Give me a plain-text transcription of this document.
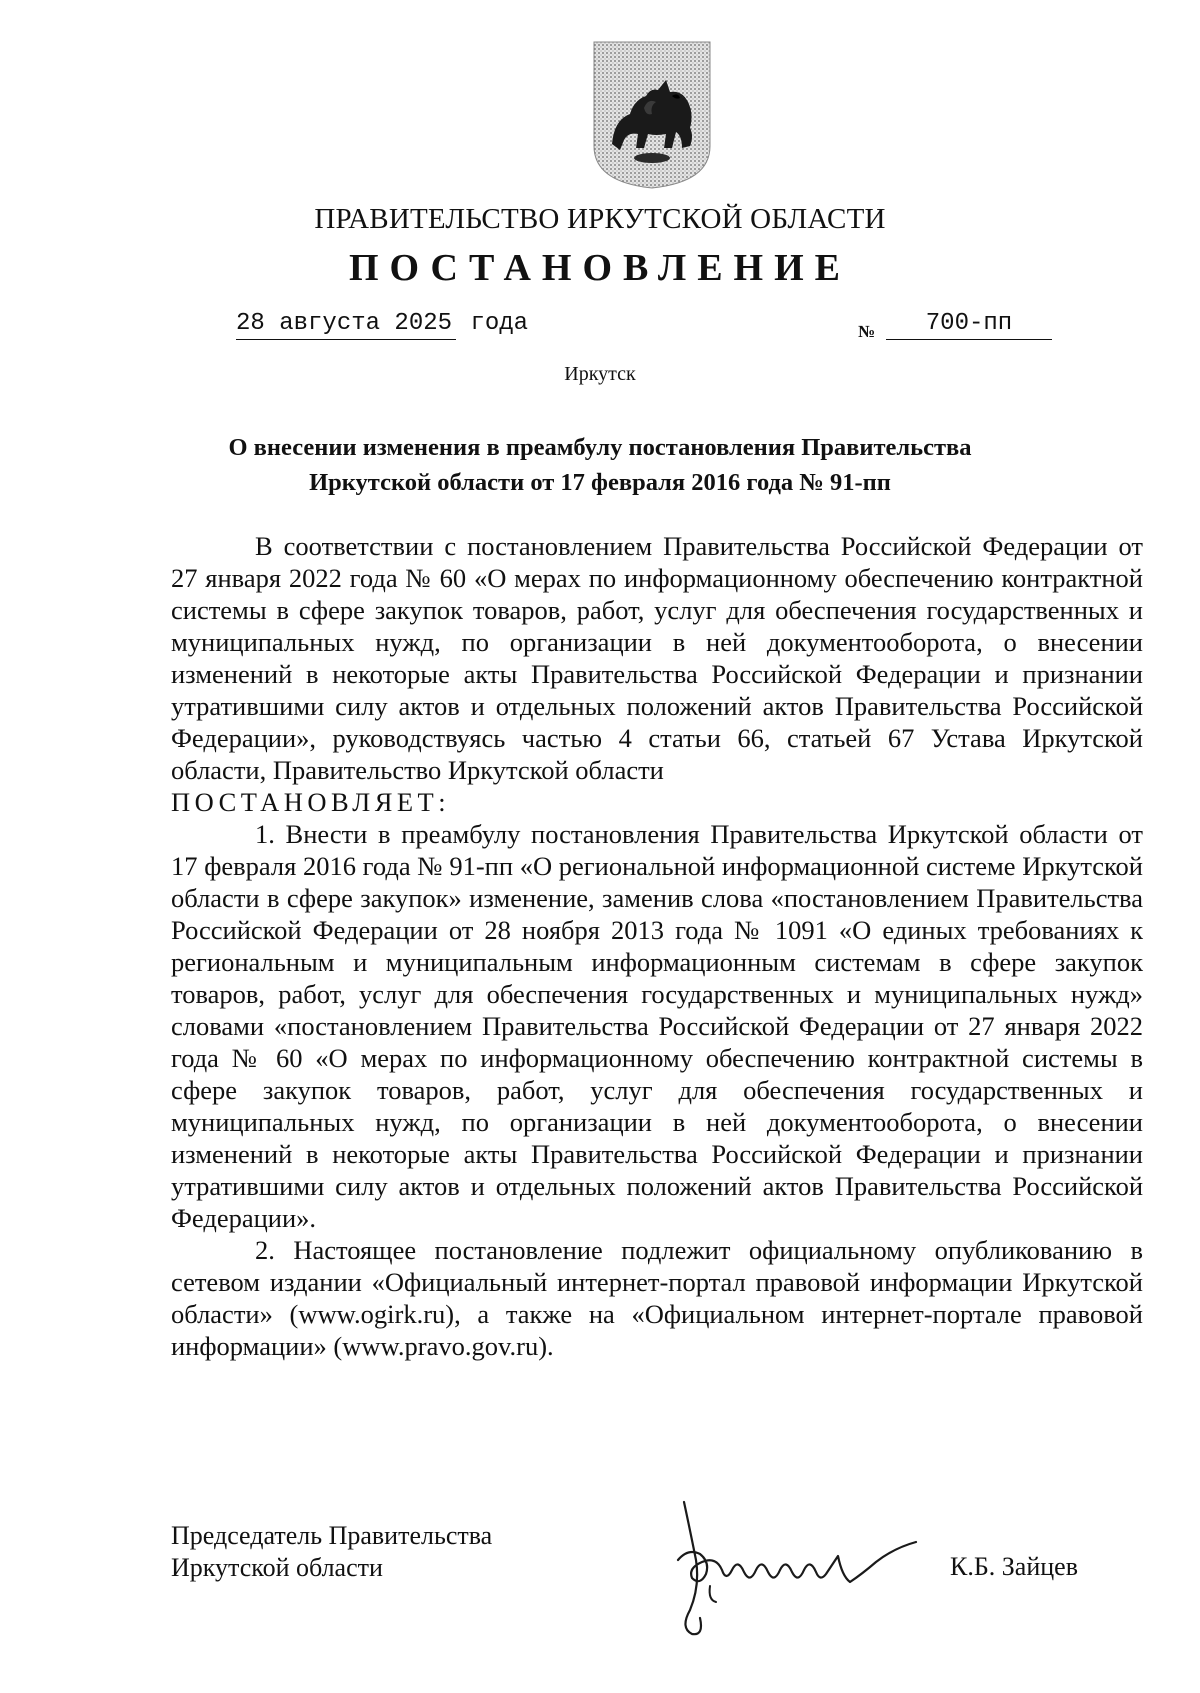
ПРАВИТЕЛЬСТВО ИРКУТСКОЙ ОБЛАСТИ
ПОСТАНОВЛЕНИЕ
28 августа 2025 года	№	700-пп
Иркутск
О внесении изменения в преамбулу постановления Правительства Иркутской области от 17 февраля 2016 года № 91-пп

В соответствии с постановлением Правительства Российской Федерации от 27 января 2022 года № 60 «О мерах по информационному обеспечению контрактной системы в сфере закупок товаров, работ, услуг для обеспечения государственных и муниципальных нужд, по организации в ней документооборота, о внесении изменений в некоторые акты Правительства Российской Федерации и признании утратившими силу актов и отдельных положений актов Правительства Российской Федерации», руководствуясь частью 4 статьи 66, статьей 67 Устава Иркутской области, Правительство Иркутской области

ПОСТАНОВЛЯЕТ:

1. Внести в преамбулу постановления Правительства Иркутской области от 17 февраля 2016 года № 91-пп «О региональной информационной системе Иркутской области в сфере закупок» изменение, заменив слова «постановлением Правительства Российской Федерации от 28 ноября 2013 года № 1091 «О единых требованиях к региональным и муниципальным информационным системам в сфере закупок товаров, работ, услуг для обеспечения государственных и муниципальных нужд» словами «постановлением Правительства Российской Федерации от 27 января 2022 года № 60 «О мерах по информационному обеспечению контрактной системы в сфере закупок товаров, работ, услуг для обеспечения государственных и муниципальных нужд, по организации в ней документооборота, о внесении изменений в некоторые акты Правительства Российской Федерации и признании утратившими силу актов и отдельных положений актов Правительства Российской Федерации».

2. Настоящее постановление подлежит официальному опубликованию в сетевом издании «Официальный интернет-портал правовой информации Иркутской области» (www.ogirk.ru), а также на «Официальном интернет-портале правовой информации» (www.pravo.gov.ru).

Председатель Правительства
Иркутской области	К.Б. Зайцев
